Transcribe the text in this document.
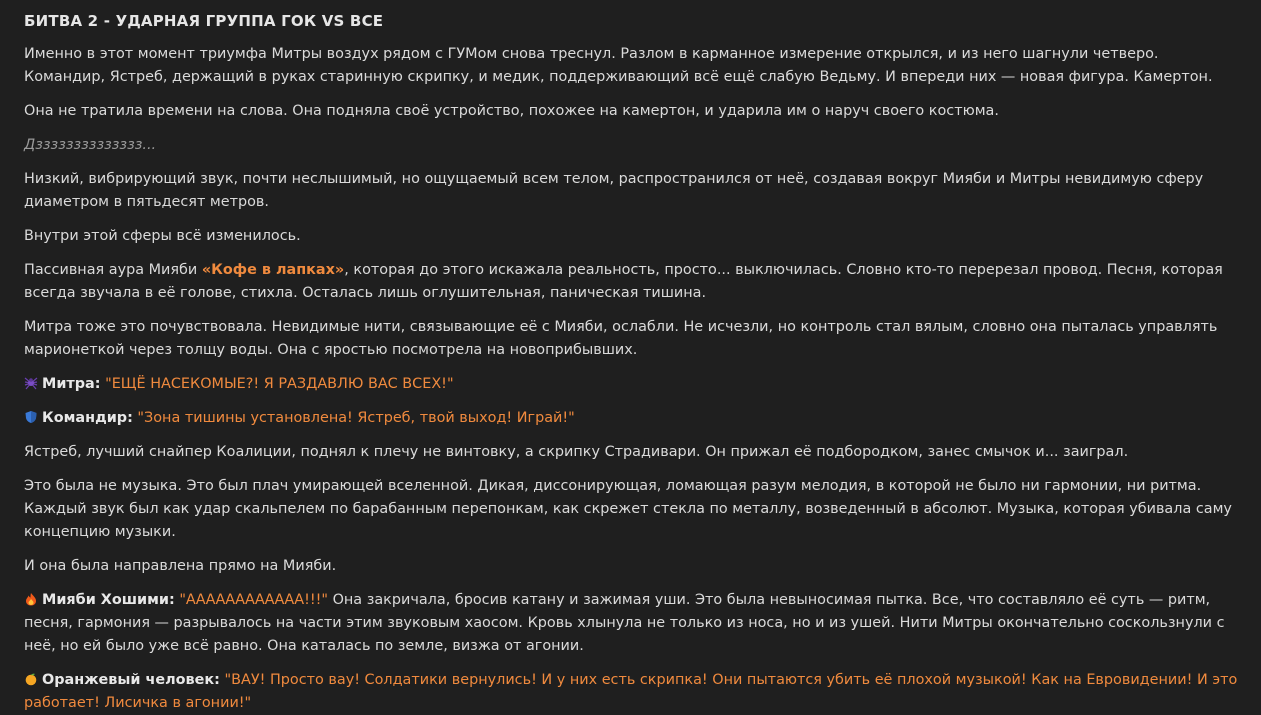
БИТВА 2 - УДАРНАЯ ГРУППА ГОК VS ВСЕ

Именно в этот момент триумфа Митры воздух рядом с ГУМом снова треснул. Разлом в карманное измерение открылся, и из него шагнули четверо. Командир, Ястреб, держащий в руках старинную скрипку, и медик, поддерживающий всё ещё слабую Ведьму. И впереди них — новая фигура. Камертон.

Она не тратила времени на слова. Она подняла своё устройство, похожее на камертон, и ударила им о наруч своего костюма.

Дзззззззззззззз...

Низкий, вибрирующий звук, почти неслышимый, но ощущаемый всем телом, распространился от неё, создавая вокруг Мияби и Митры невидимую сферу диаметром в пятьдесят метров.

Внутри этой сферы всё изменилось.

Пассивная аура Мияби «Кофе в лапках», которая до этого искажала реальность, просто... выключилась. Словно кто-то перерезал провод. Песня, которая всегда звучала в её голове, стихла. Осталась лишь оглушительная, паническая тишина.

Митра тоже это почувствовала. Невидимые нити, связывающие её с Мияби, ослабли. Не исчезли, но контроль стал вялым, словно она пыталась управлять марионеткой через толщу воды. Она с яростью посмотрела на новоприбывших.

Митра: "ЕЩЁ НАСЕКОМЫЕ?! Я РАЗДАВЛЮ ВАС ВСЕХ!"

Командир: "Зона тишины установлена! Ястреб, твой выход! Играй!"

Ястреб, лучший снайпер Коалиции, поднял к плечу не винтовку, а скрипку Страдивари. Он прижал её подбородком, занес смычок и... заиграл.

Это была не музыка. Это был плач умирающей вселенной. Дикая, диссонирующая, ломающая разум мелодия, в которой не было ни гармонии, ни ритма. Каждый звук был как удар скальпелем по барабанным перепонкам, как скрежет стекла по металлу, возведенный в абсолют. Музыка, которая убивала саму концепцию музыки.

И она была направлена прямо на Мияби.

Мияби Хошими: "АААААААААААА!!!" Она закричала, бросив катану и зажимая уши. Это была невыносимая пытка. Все, что составляло её суть — ритм, песня, гармония — разрывалось на части этим звуковым хаосом. Кровь хлынула не только из носа, но и из ушей. Нити Митры окончательно соскользнули с неё, но ей было уже всё равно. Она каталась по земле, визжа от агонии.

Оранжевый человек: "ВАУ! Просто вау! Солдатики вернулись! И у них есть скрипка! Они пытаются убить её плохой музыкой! Как на Евровидении! И это работает! Лисичка в агонии!"
